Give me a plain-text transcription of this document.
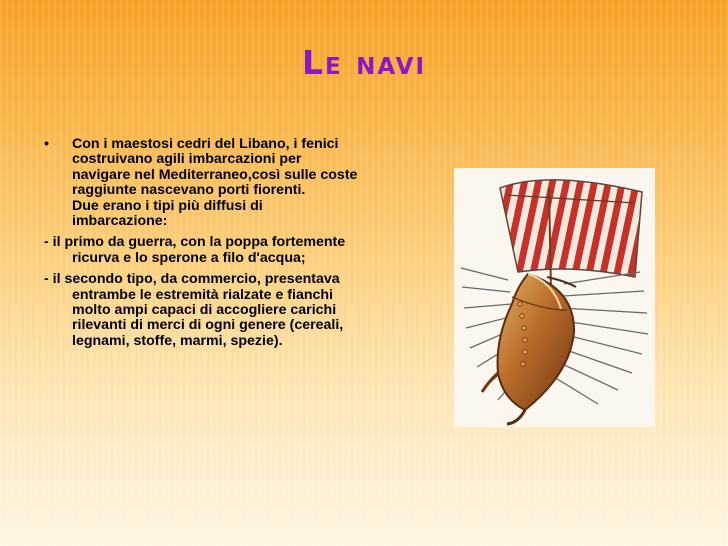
Le navi
•	Con i maestosi cedri del Libano, i fenici costruivano agili imbarcazioni per navigare nel Mediterraneo,così sulle coste raggiunte nascevano porti fiorenti.

Due erano i tipi più diffusi di imbarcazione:

- il primo da guerra, con la poppa fortemente ricurva e lo sperone a filo d'acqua;
- il secondo tipo, da commercio, presentava entrambe le estremità rialzate e fianchi molto ampi capaci di accogliere carichi rilevanti di merci di ogni genere (cereali, legnami, stoffe, marmi, spezie).
